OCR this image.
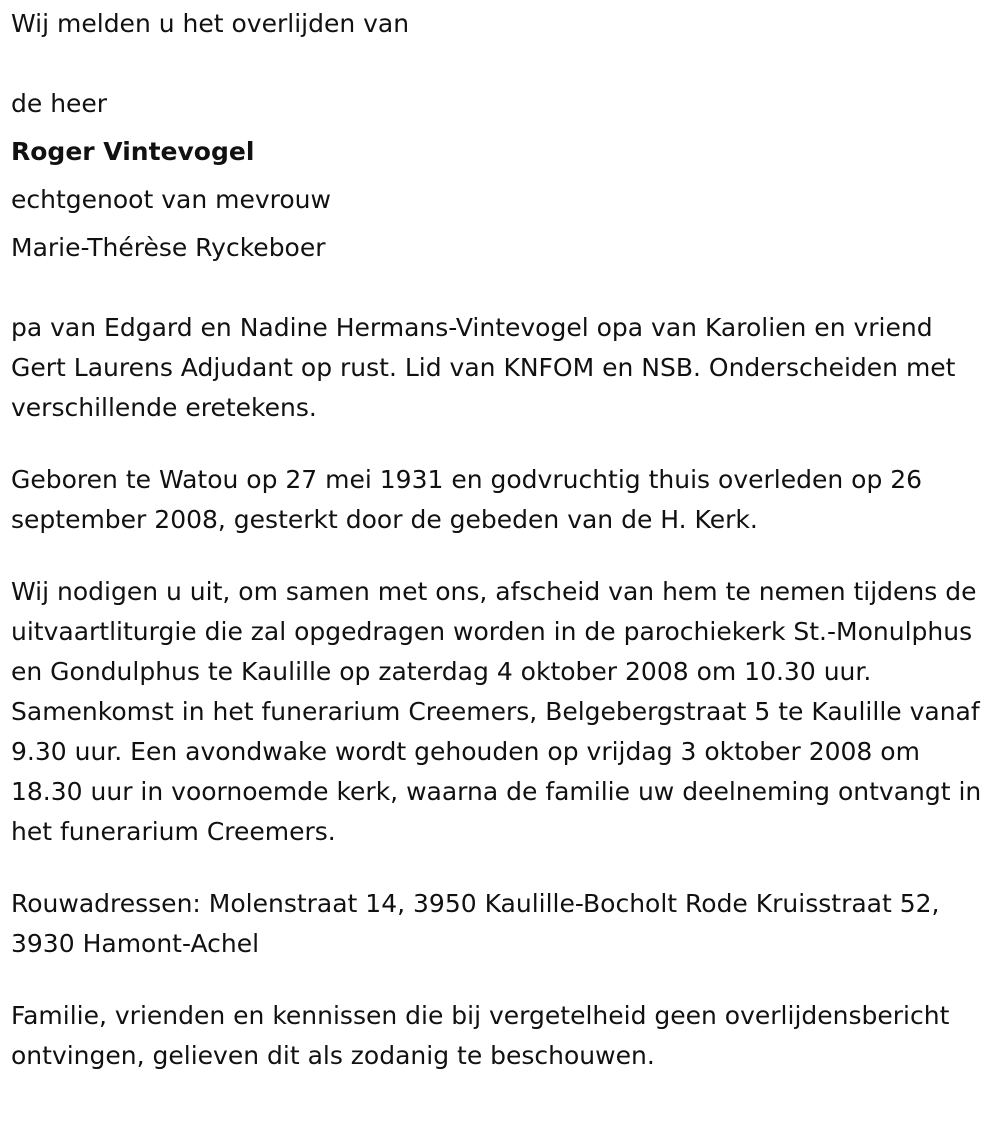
Wij melden u het overlijden van

de heer

Roger Vintevogel

echtgenoot van mevrouw

Marie-Thérèse Ryckeboer

pa van Edgard en Nadine Hermans-Vintevogel opa van Karolien en vriend Gert Laurens Adjudant op rust. Lid van KNFOM en NSB. Onderscheiden met verschillende eretekens.

Geboren te Watou op 27 mei 1931 en godvruchtig thuis overleden op 26 september 2008, gesterkt door de gebeden van de H. Kerk.

Wij nodigen u uit, om samen met ons, afscheid van hem te nemen tijdens de uitvaartliturgie die zal opgedragen worden in de parochiekerk St.-Monulphus en Gondulphus te Kaulille op zaterdag 4 oktober 2008 om 10.30 uur. Samenkomst in het funerarium Creemers, Belgebergstraat 5 te Kaulille vanaf 9.30 uur. Een avondwake wordt gehouden op vrijdag 3 oktober 2008 om 18.30 uur in voornoemde kerk, waarna de familie uw deelneming ontvangt in het funerarium Creemers.

Rouwadressen: Molenstraat 14, 3950 Kaulille-Bocholt Rode Kruisstraat 52, 3930 Hamont-Achel

Familie, vrienden en kennissen die bij vergetelheid geen overlijdensbericht ontvingen, gelieven dit als zodanig te beschouwen.
